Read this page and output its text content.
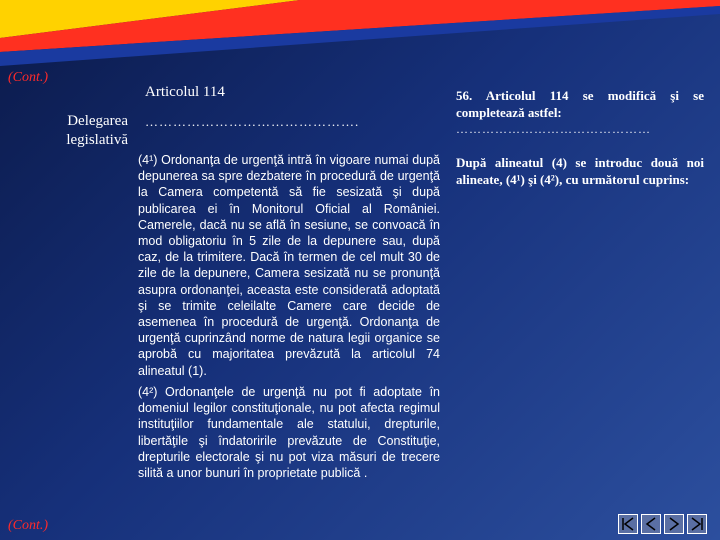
(Cont.)
Articolul 114
Delegarea legislativă
……………………………………….
(4¹) Ordonanţa de urgenţă intră în vigoare numai după depunerea sa spre dezbatere în procedură de urgenţă la Camera competentă să fie sesizată şi după publicarea ei în Monitorul Oficial al României. Camerele, dacă nu se află în sesiune, se convoacă în mod obligatoriu în 5 zile de la depunere sau, după caz, de la trimitere. Dacă în termen de cel mult 30 de zile de la depunere, Camera sesizată nu se pronunţă asupra ordonanţei, aceasta este considerată adoptată şi se trimite celeilalte Camere care decide de asemenea în procedură de urgenţă. Ordonanţa de urgenţă cuprinzând norme de natura legii organice se aprobă cu majoritatea prevăzută la articolul 74 alineatul (1).
(4²) Ordonanţele de urgenţă nu pot fi adoptate în domeniul legilor constituţionale, nu pot afecta regimul instituţiilor fundamentale ale statului, drepturile, libertăţile şi îndatoririle prevăzute de Constituţie, drepturile electorale şi nu pot viza măsuri de trecere silită a unor bunuri în proprietate publică .
56. Articolul 114 se modifică şi se completează astfel:
………………………………………
După alineatul (4) se introduc două noi alineate, (4¹) şi (4²), cu următorul cuprins:
(Cont.)
